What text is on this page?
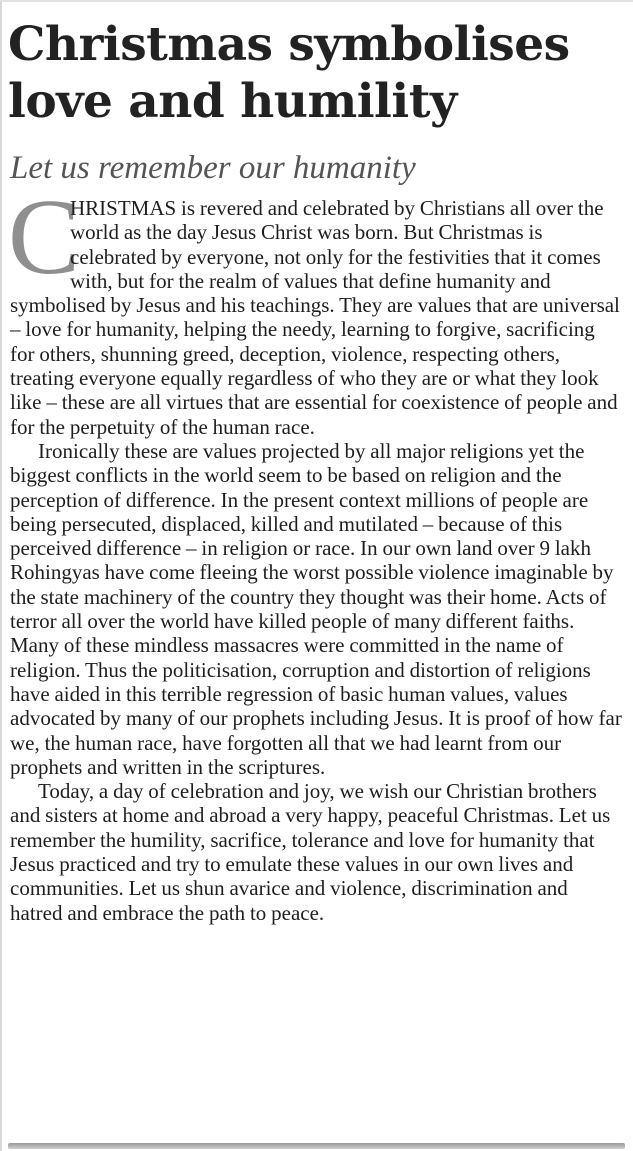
Christmas symbolises love and humility
Let us remember our humanity

C
HRISTMAS is revered and celebrated by Christians all over the world as the day Jesus Christ was born. But Christmas is celebrated by everyone, not only for the festivities that it comes with, but for the realm of values that define humanity and symbolised by Jesus and his teachings. They are values that are universal – love for humanity, helping the needy, learning to forgive, sacrificing for others, shunning greed, deception, violence, respecting others, treating everyone equally regardless of who they are or what they look like – these are all virtues that are essential for coexistence of people and for the perpetuity of the human race.

Ironically these are values projected by all major religions yet the biggest conflicts in the world seem to be based on religion and the perception of difference. In the present context millions of people are being persecuted, displaced, killed and mutilated – because of this perceived difference – in religion or race. In our own land over 9 lakh Rohingyas have come fleeing the worst possible violence imaginable by the state machinery of the country they thought was their home. Acts of terror all over the world have killed people of many different faiths. Many of these mindless massacres were committed in the name of religion. Thus the politicisation, corruption and distortion of religions have aided in this terrible regression of basic human values, values advocated by many of our prophets including Jesus. It is proof of how far we, the human race, have forgotten all that we had learnt from our prophets and written in the scriptures.

Today, a day of celebration and joy, we wish our Christian brothers and sisters at home and abroad a very happy, peaceful Christmas. Let us remember the humility, sacrifice, tolerance and love for humanity that Jesus practiced and try to emulate these values in our own lives and communities. Let us shun avarice and violence, discrimination and hatred and embrace the path to peace.
